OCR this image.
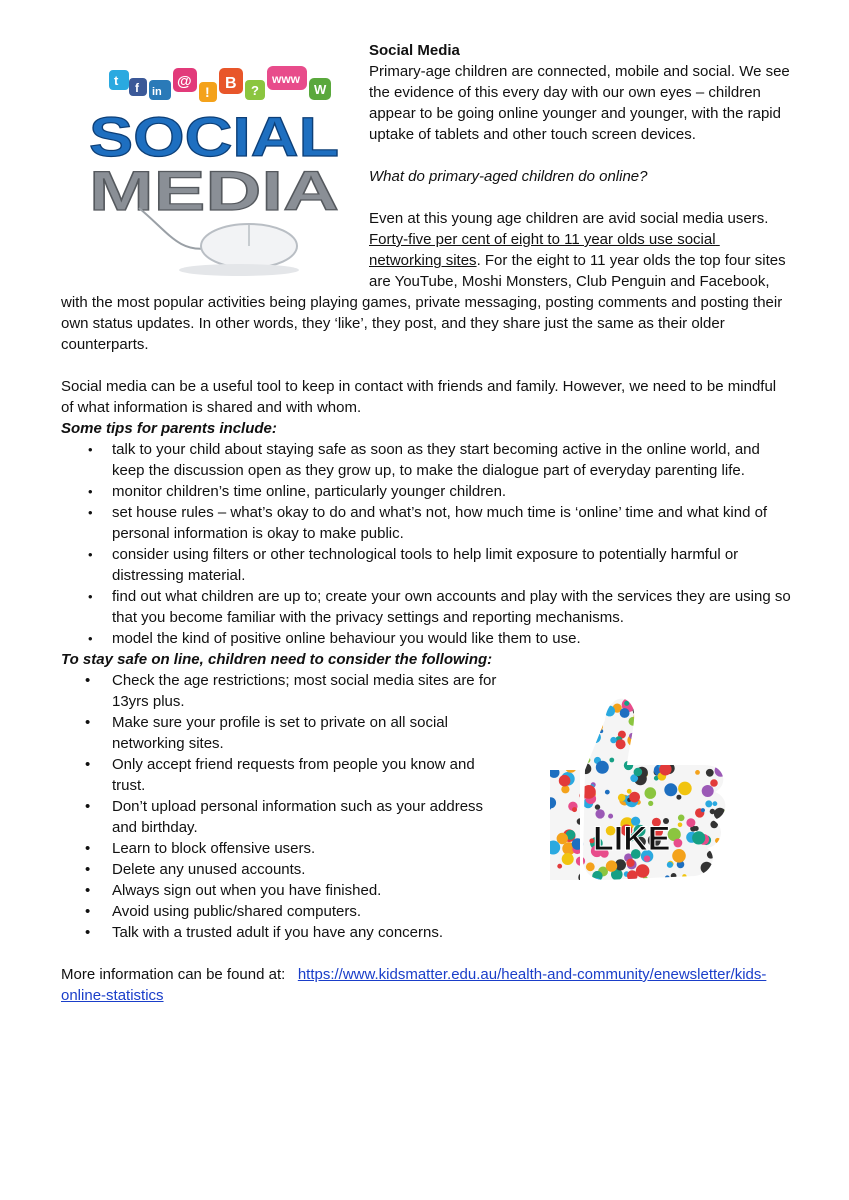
t f in
@
! B ?
www
W
SOCIAL
MEDIA

Social Media

Primary-age children are connected, mobile and social. We see the evidence of this every day with our own eyes – children appear to be going online younger and younger, with the rapid uptake of tablets and other touch screen devices.

What do primary-aged children do online?

Even at this young age children are avid social media users. Forty-five per cent of eight to 11 year olds use social networking sites. For the eight to 11 year olds the top four sites are YouTube, Moshi Monsters, Club Penguin and Facebook, with the most popular activities being playing games, private messaging, posting comments and posting their own status updates. In other words, they ‘like’, they post, and they share just the same as their older counterparts.

Social media can be a useful tool to keep in contact with friends and family. However, we need to be mindful of what information is shared and with whom.

Some tips for parents include:

• talk to your child about staying safe as soon as they start becoming active in the online world, and keep the discussion open as they grow up, to make the dialogue part of everyday parenting life.
• monitor children’s time online, particularly younger children.
• set house rules – what’s okay to do and what’s not, how much time is ‘online’ time and what kind of personal information is okay to make public.
• consider using filters or other technological tools to help limit exposure to potentially harmful or distressing material.
• find out what children are up to; create your own accounts and play with the services they are using so that you become familiar with the privacy settings and reporting mechanisms.
• model the kind of positive online behaviour you would like them to use.

To stay safe on line, children need to consider the following:

• Check the age restrictions; most social media sites are for 13yrs plus.
• Make sure your profile is set to private on all social networking sites.
• Only accept friend requests from people you know and trust.
• Don’t upload personal information such as your address and birthday.
• Learn to block offensive users.
• Delete any unused accounts.
• Always sign out when you have finished.
• Avoid using public/shared computers.
• Talk with a trusted adult if you have any concerns.

More information can be found at:   https://www.kidsmatter.edu.au/health-and-community/enewsletter/kids-online-statistics

LIKE
